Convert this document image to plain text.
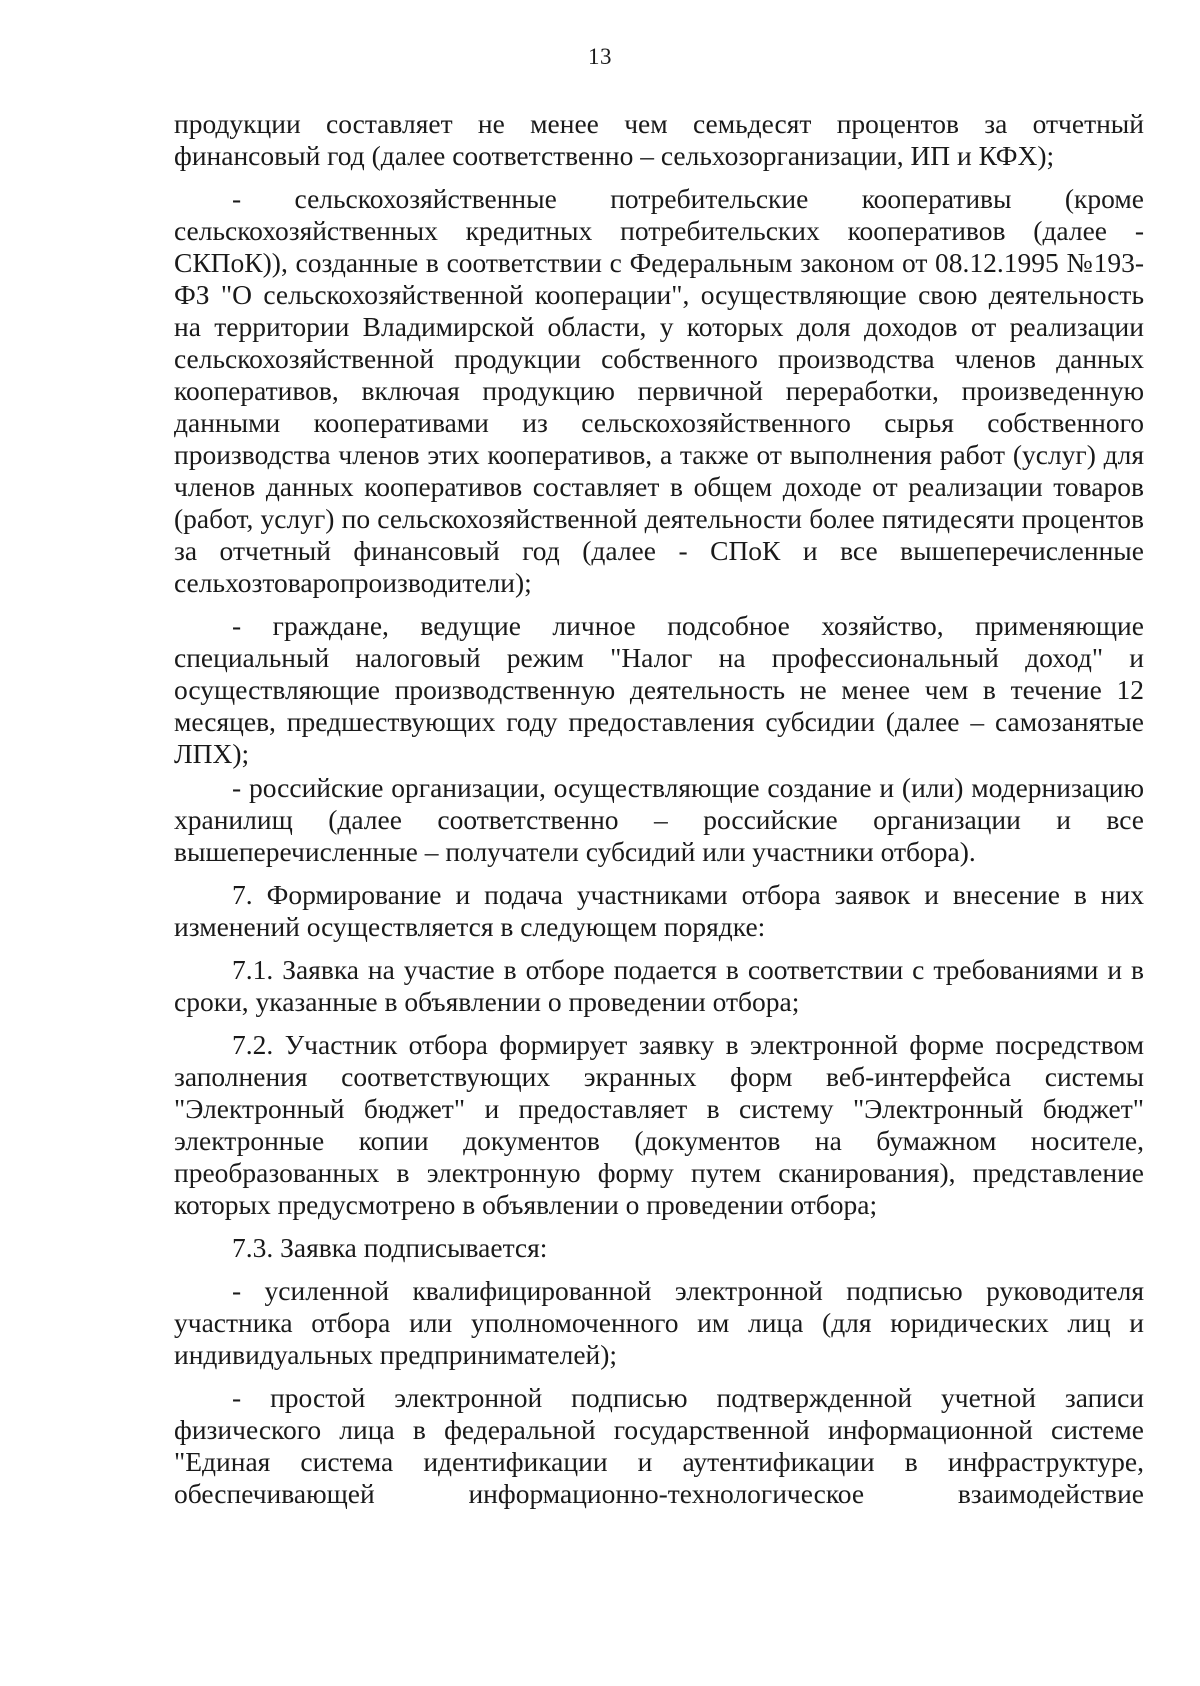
13

продукции составляет не менее чем семьдесят процентов за отчетный финансовый год (далее соответственно – сельхозорганизации, ИП и КФХ);

- сельскохозяйственные потребительские кооперативы (кроме сельскохозяйственных кредитных потребительских кооперативов (далее - СКПоК)), созданные в соответствии с Федеральным законом от 08.12.1995 №193-ФЗ "О сельскохозяйственной кооперации", осуществляющие свою деятельность на территории Владимирской области, у которых доля доходов от реализации сельскохозяйственной продукции собственного производства членов данных кооперативов, включая продукцию первичной переработки, произведенную данными кооперативами из сельскохозяйственного сырья собственного производства членов этих кооперативов, а также от выполнения работ (услуг) для членов данных кооперативов составляет в общем доходе от реализации товаров (работ, услуг) по сельскохозяйственной деятельности более пятидесяти процентов за отчетный финансовый год (далее - СПоК и все вышеперечисленные сельхозтоваропроизводители);

- граждане, ведущие личное подсобное хозяйство, применяющие специальный налоговый режим "Налог на профессиональный доход" и осуществляющие производственную деятельность не менее чем в течение 12 месяцев, предшествующих году предоставления субсидии (далее – самозанятые ЛПХ);

- российские организации, осуществляющие создание и (или) модернизацию хранилищ (далее соответственно – российские организации и все вышеперечисленные – получатели субсидий или участники отбора).

7. Формирование и подача участниками отбора заявок и внесение в них изменений осуществляется в следующем порядке:

7.1. Заявка на участие в отборе подается в соответствии с требованиями и в сроки, указанные в объявлении о проведении отбора;

7.2. Участник отбора формирует заявку в электронной форме посредством заполнения соответствующих экранных форм веб-интерфейса системы "Электронный бюджет" и предоставляет в систему "Электронный бюджет" электронные копии документов (документов на бумажном носителе, преобразованных в электронную форму путем сканирования), представление которых предусмотрено в объявлении о проведении отбора;

7.3. Заявка подписывается:

- усиленной квалифицированной электронной подписью руководителя участника отбора или уполномоченного им лица (для юридических лиц и индивидуальных предпринимателей);

- простой электронной подписью подтвержденной учетной записи физического лица в федеральной государственной информационной системе "Единая система идентификации и аутентификации в инфраструктуре, обеспечивающей информационно-технологическое взаимодействие
